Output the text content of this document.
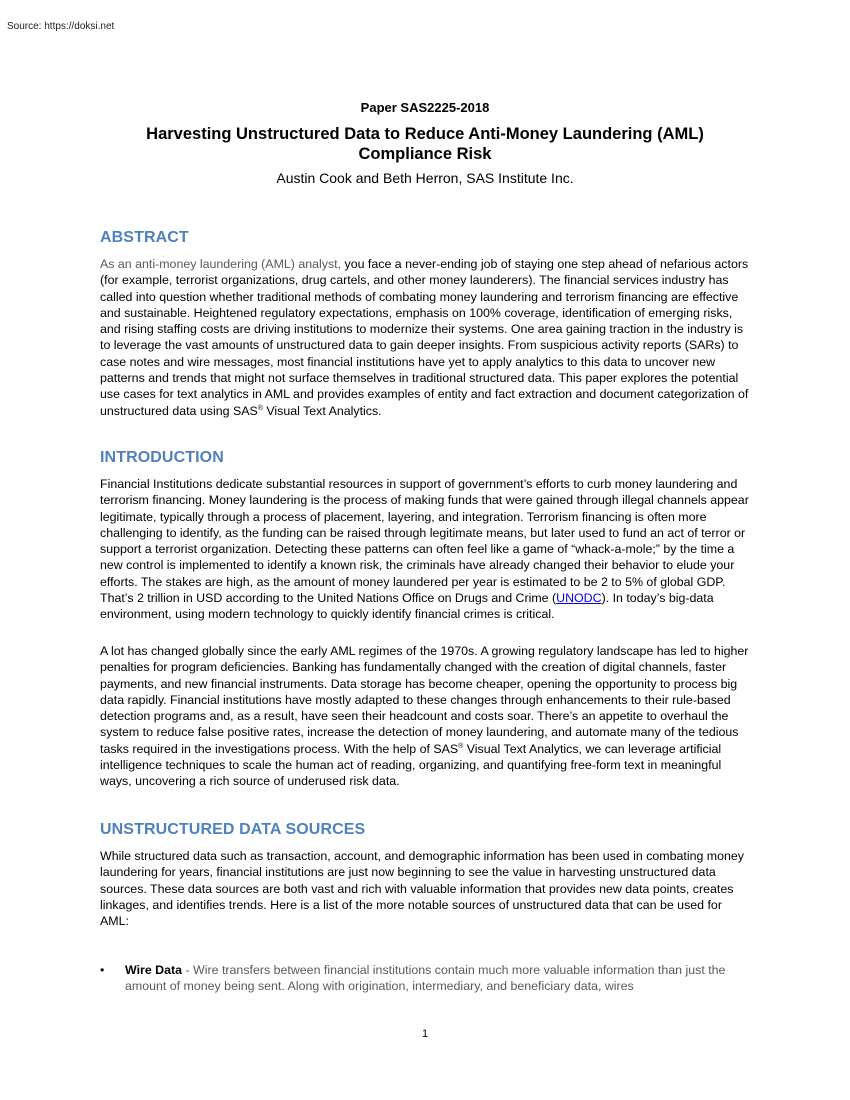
Source: https://doksi.net
Paper SAS2225-2018
Harvesting Unstructured Data to Reduce Anti-Money Laundering (AML) Compliance Risk
Austin Cook and Beth Herron, SAS Institute Inc.
ABSTRACT

As an anti-money laundering (AML) analyst, you face a never-ending job of staying one step ahead of nefarious actors (for example, terrorist organizations, drug cartels, and other money launderers). The financial services industry has called into question whether traditional methods of combating money laundering and terrorism financing are effective and sustainable. Heightened regulatory expectations, emphasis on 100% coverage, identification of emerging risks, and rising staffing costs are driving institutions to modernize their systems. One area gaining traction in the industry is to leverage the vast amounts of unstructured data to gain deeper insights. From suspicious activity reports (SARs) to case notes and wire messages, most financial institutions have yet to apply analytics to this data to uncover new patterns and trends that might not surface themselves in traditional structured data. This paper explores the potential use cases for text analytics in AML and provides examples of entity and fact extraction and document categorization of unstructured data using SAS® Visual Text Analytics.

INTRODUCTION

Financial Institutions dedicate substantial resources in support of government’s efforts to curb money laundering and terrorism financing. Money laundering is the process of making funds that were gained through illegal channels appear legitimate, typically through a process of placement, layering, and integration. Terrorism financing is often more challenging to identify, as the funding can be raised through legitimate means, but later used to fund an act of terror or support a terrorist organization. Detecting these patterns can often feel like a game of “whack-a-mole;” by the time a new control is implemented to identify a known risk, the criminals have already changed their behavior to elude your efforts. The stakes are high, as the amount of money laundered per year is estimated to be 2 to 5% of global GDP. That’s 2 trillion in USD according to the United Nations Office on Drugs and Crime (UNODC). In today’s big-data environment, using modern technology to quickly identify financial crimes is critical.

A lot has changed globally since the early AML regimes of the 1970s. A growing regulatory landscape has led to higher penalties for program deficiencies. Banking has fundamentally changed with the creation of digital channels, faster payments, and new financial instruments. Data storage has become cheaper, opening the opportunity to process big data rapidly. Financial institutions have mostly adapted to these changes through enhancements to their rule-based detection programs and, as a result, have seen their headcount and costs soar. There’s an appetite to overhaul the system to reduce false positive rates, increase the detection of money laundering, and automate many of the tedious tasks required in the investigations process. With the help of SAS® Visual Text Analytics, we can leverage artificial intelligence techniques to scale the human act of reading, organizing, and quantifying free-form text in meaningful ways, uncovering a rich source of underused risk data.

UNSTRUCTURED DATA SOURCES

While structured data such as transaction, account, and demographic information has been used in combating money laundering for years, financial institutions are just now beginning to see the value in harvesting unstructured data sources. These data sources are both vast and rich with valuable information that provides new data points, creates linkages, and identifies trends. Here is a list of the more notable sources of unstructured data that can be used for AML:

•	Wire Data - Wire transfers between financial institutions contain much more valuable information than just the amount of money being sent. Along with origination, intermediary, and beneficiary data, wires

1
